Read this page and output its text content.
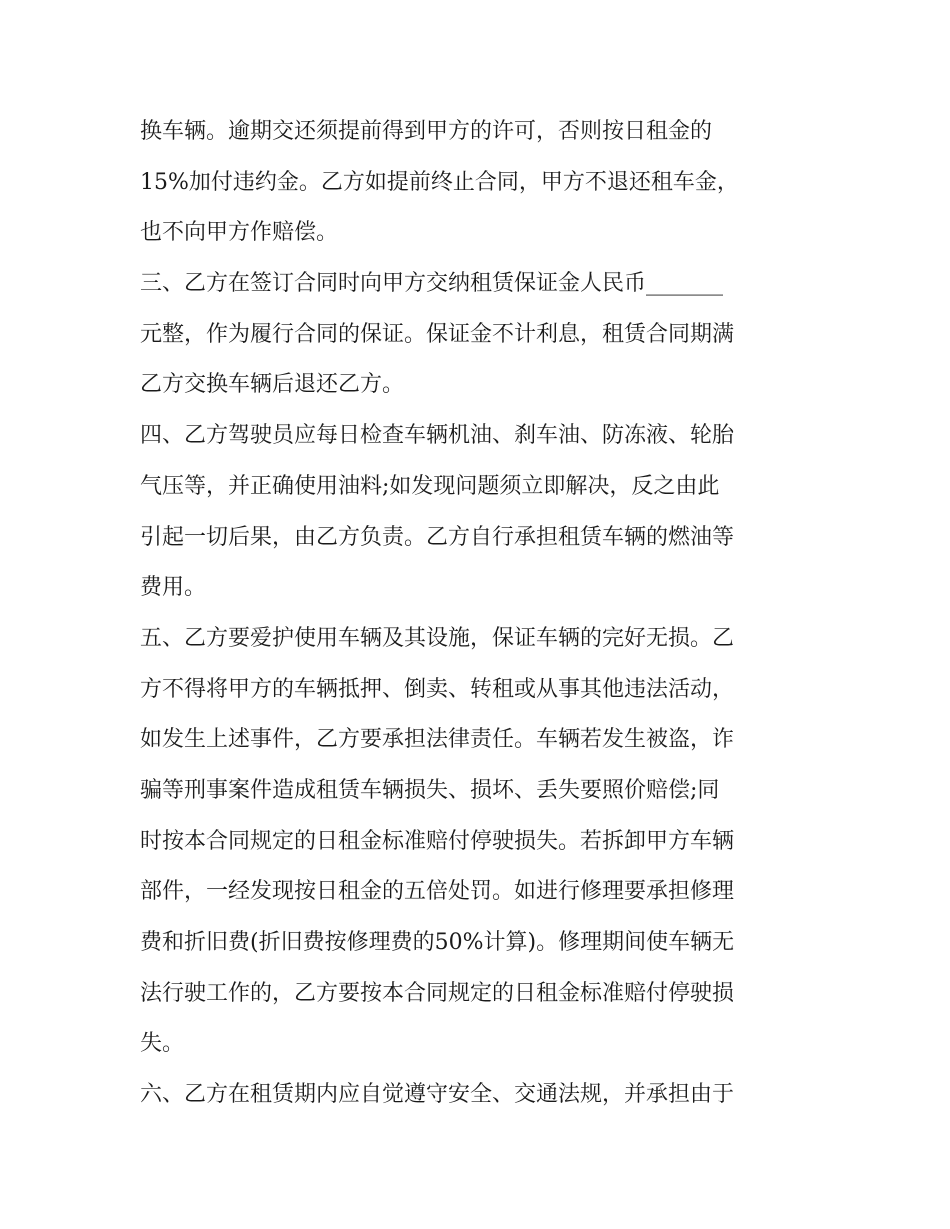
换车辆。逾期交还须提前得到甲方的许可，否则按日租金的
15%加付违约金。乙方如提前终止合同，甲方不退还租车金，
也不向甲方作赔偿。
三、乙方在签订合同时向甲方交纳租赁保证金人民币_______
元整，作为履行合同的保证。保证金不计利息，租赁合同期满
乙方交换车辆后退还乙方。
四、乙方驾驶员应每日检查车辆机油、刹车油、防冻液、轮胎
气压等，并正确使用油料;如发现问题须立即解决，反之由此
引起一切后果，由乙方负责。乙方自行承担租赁车辆的燃油等
费用。
五、乙方要爱护使用车辆及其设施，保证车辆的完好无损。乙
方不得将甲方的车辆抵押、倒卖、转租或从事其他违法活动，
如发生上述事件，乙方要承担法律责任。车辆若发生被盗，诈
骗等刑事案件造成租赁车辆损失、损坏、丢失要照价赔偿;同
时按本合同规定的日租金标准赔付停驶损失。若拆卸甲方车辆
部件，一经发现按日租金的五倍处罚。如进行修理要承担修理
费和折旧费(折旧费按修理费的50%计算)。修理期间使车辆无
法行驶工作的，乙方要按本合同规定的日租金标准赔付停驶损
失。
六、乙方在租赁期内应自觉遵守安全、交通法规，并承担由于
